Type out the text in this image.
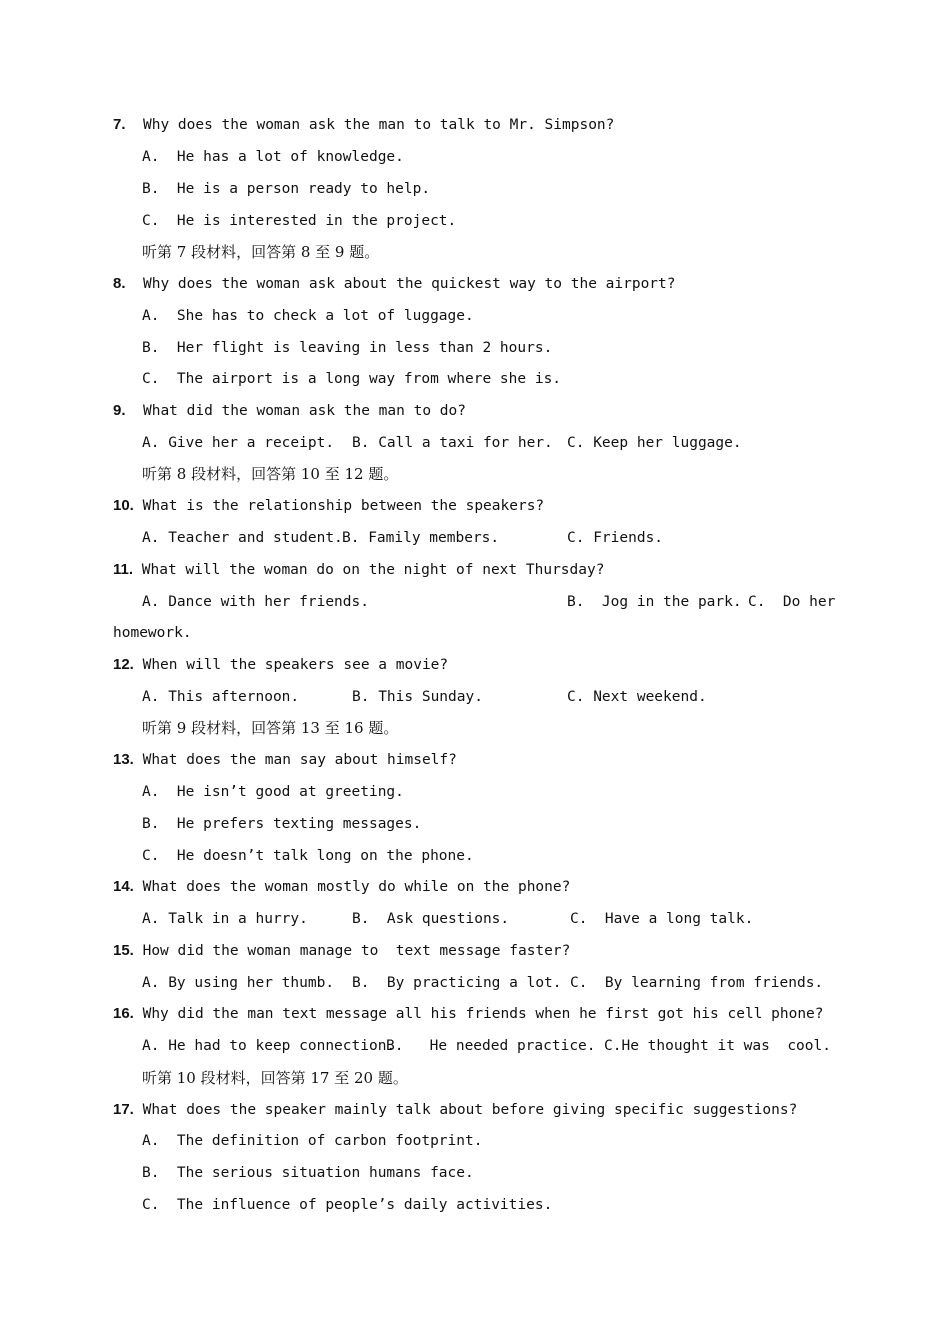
7. Why does the woman ask the man to talk to Mr. Simpson?
A.  He has a lot of knowledge.
B.  He is a person ready to help.
C.  He is interested in the project.
听第 7 段材料，回答第 8 至 9 题。
8. Why does the woman ask about the quickest way to the airport?
A.  She has to check a lot of luggage.
B.  Her flight is leaving in less than 2 hours.
C.  The airport is a long way from where she is.
9. What did the woman ask the man to do?
A. Give her a receipt. B. Call a taxi for her. C. Keep her luggage.
听第 8 段材料，回答第 10 至 12 题。
10. What is the relationship between the speakers?
A. Teacher and student. B. Family members.	C. Friends.
11. What will the woman do on the night of next Thursday?
A. Dance with her friends.	B.  Jog in the park. C.  Do her
homework.
12. When will the speakers see a movie?
A. This afternoon.	B. This Sunday.	C. Next weekend.
听第 9 段材料，回答第 13 至 16 题。
13. What does the man say about himself?
A.  He isn’t good at greeting.
B.  He prefers texting messages.
C.  He doesn’t talk long on the phone.
14. What does the woman mostly do while on the phone?
A. Talk in a hurry.	B.  Ask questions.	C.  Have a long talk.
15. How did the woman manage to  text message faster?
A. By using her thumb. B.  By practicing a lot. C.  By learning from friends.
16. Why did the man text message all his friends when he first got his cell phone?
A. He had to keep connection.
B.   He needed practice. C.He thought it was  cool.
听第 10 段材料，回答第 17 至 20 题。
17. What does the speaker mainly talk about before giving specific suggestions?
A.  The definition of carbon footprint.
B.  The serious situation humans face.
C.  The influence of people’s daily activities.
